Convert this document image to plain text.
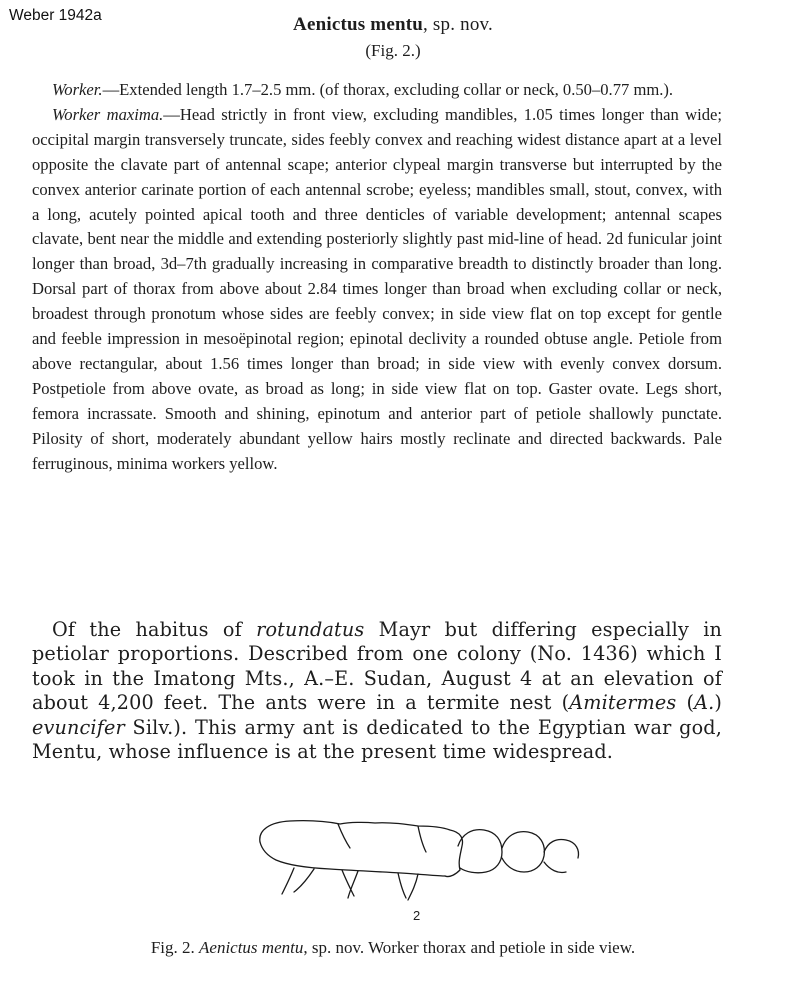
Weber 1942a	Aenictus mentu, sp. nov.
(Fig. 2.)

Worker.—Extended length 1.7–2.5 mm. (of thorax, excluding collar or neck, 0.50–0.77 mm.).

Worker maxima.—Head strictly in front view, excluding mandibles, 1.05 times longer than wide; occipital margin transversely truncate, sides feebly convex and reaching widest distance apart at a level opposite the clavate part of antennal scape; anterior clypeal margin transverse but interrupted by the convex anterior carinate portion of each antennal scrobe; eyeless; mandibles small, stout, convex, with a long, acutely pointed apical tooth and three denticles of variable development; antennal scapes clavate, bent near the middle and extending posteriorly slightly past mid-line of head. 2d funicular joint longer than broad, 3d–7th gradually increasing in comparative breadth to distinctly broader than long. Dorsal part of thorax from above about 2.84 times longer than broad when excluding collar or neck, broadest through pronotum whose sides are feebly convex; in side view flat on top except for gentle and feeble impression in mesoëpinotal region; epinotal declivity a rounded obtuse angle. Petiole from above rectangular, about 1.56 times longer than broad; in side view with evenly convex dorsum. Postpetiole from above ovate, as broad as long; in side view flat on top. Gaster ovate. Legs short, femora incrassate. Smooth and shining, epinotum and anterior part of petiole shallowly punctate. Pilosity of short, moderately abundant yellow hairs mostly reclinate and directed backwards. Pale ferruginous, minima workers yellow.

Of the habitus of rotundatus Mayr but differing especially in petiolar proportions. Described from one colony (No. 1436) which I took in the Imatong Mts., A.–E. Sudan, August 4 at an elevation of about 4,200 feet. The ants were in a termite nest (Amitermes (A.) evuncifer Silv.). This army ant is dedicated to the Egyptian war god, Mentu, whose influence is at the present time widespread.

2
Fig. 2. Aenictus mentu, sp. nov. Worker thorax and petiole in side view.
